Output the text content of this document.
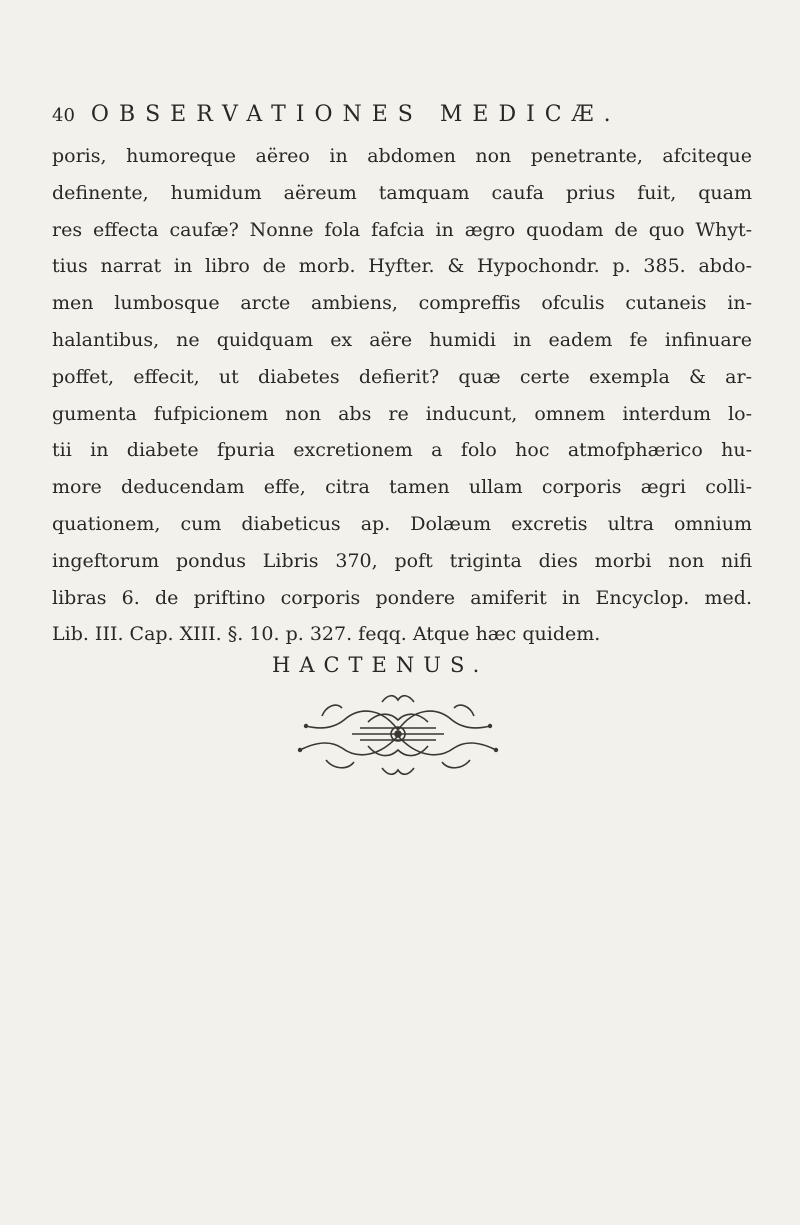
40 OBSERVATIONES MEDICÆ.
poris, humoreque aëreo in abdomen non penetrante, afciteque
definente, humidum aëreum tamquam caufa prius fuit, quam
res effecta caufæ? Nonne fola fafcia in ægro quodam de quo Whyt-
tius narrat in libro de morb. Hyfter. & Hypochondr. p. 385. abdo-
men lumbosque arcte ambiens, compreffis ofculis cutaneis in-
halantibus, ne quidquam ex aëre humidi in eadem fe infinuare
poffet, effecit, ut diabetes defierit? quæ certe exempla & ar-
gumenta fufpicionem non abs re inducunt, omnem interdum lo-
tii in diabete fpuria excretionem a folo hoc atmofphærico hu-
more deducendam effe, citra tamen ullam corporis ægri colli-
quationem, cum diabeticus ap. Dolæum excretis ultra omnium
ingeftorum pondus Libris 370, poft triginta dies morbi non nifi
libras 6. de priftino corporis pondere amiferit in Encyclop. med.
Lib. III. Cap. XIII. §. 10. p. 327. feqq. Atque hæc quidem.
HACTENUS.
